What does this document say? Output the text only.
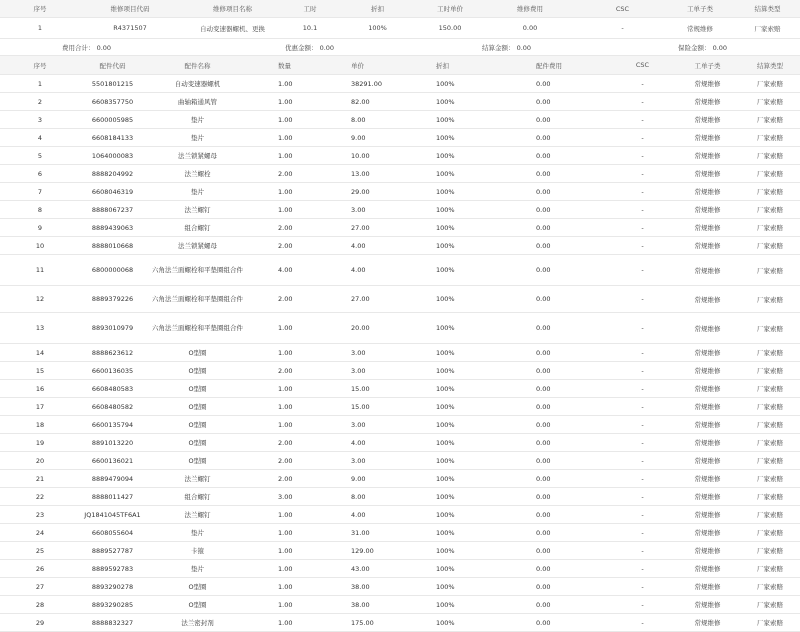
序号	维修项目代码	维修项目名称	工时	折扣	工时单价	维修费用	CSC	工单子类	结算类型
1	R4371507	自动变速器螺机、更换	10.1	100%	150.00	0.00	-	常规维修	厂家索赔
费用合计： 0.00	优惠金额： 0.00	结算金额： 0.00	保险金额： 0.00
序号	配件代码	配件名称	数量	单价	折扣	配件费用	CSC	工单子类	结算类型
1	5501801215	自动变速器螺机	1.00	38291.00	100%	0.00	-	常规维修	厂家索赔
2	6608357750	曲轴箱通风管	1.00	82.00	100%	0.00	-	常规维修	厂家索赔
3	6600005985	垫片	1.00	8.00	100%	0.00	-	常规维修	厂家索赔
4	6608184133	垫片	1.00	9.00	100%	0.00	-	常规维修	厂家索赔
5	1064000083	法兰锁紧螺母	1.00	10.00	100%	0.00	-	常规维修	厂家索赔
6	8888204992	法兰螺栓	2.00	13.00	100%	0.00	-	常规维修	厂家索赔
7	6608046319	垫片	1.00	29.00	100%	0.00	-	常规维修	厂家索赔
8	8888067237	法兰螺钉	1.00	3.00	100%	0.00	-	常规维修	厂家索赔
9	8889439063	组合螺钉	2.00	27.00	100%	0.00	-	常规维修	厂家索赔
10	8888010668	法兰锁紧螺母	2.00	4.00	100%	0.00	-	常规维修	厂家索赔
11	6800000068	六角法兰面螺栓和平垫圈组合件	4.00	4.00	100%	0.00	-	常规维修	厂家索赔
12	8889379226	六角法兰面螺栓和平垫圈组合件	2.00	27.00	100%	0.00	-	常规维修	厂家索赔
13	8893010979	六角法兰面螺栓和平垫圈组合件	1.00	20.00	100%	0.00	-	常规维修	厂家索赔
14	8888623612	O型圈	1.00	3.00	100%	0.00	-	常规维修	厂家索赔
15	6600136035	O型圈	2.00	3.00	100%	0.00	-	常规维修	厂家索赔
16	6608480583	O型圈	1.00	15.00	100%	0.00	-	常规维修	厂家索赔
17	6608480582	O型圈	1.00	15.00	100%	0.00	-	常规维修	厂家索赔
18	6600135794	O型圈	1.00	3.00	100%	0.00	-	常规维修	厂家索赔
19	8891013220	O型圈	2.00	4.00	100%	0.00	-	常规维修	厂家索赔
20	6600136021	O型圈	2.00	3.00	100%	0.00	-	常规维修	厂家索赔
21	8889479094	法兰螺钉	2.00	9.00	100%	0.00	-	常规维修	厂家索赔
22	8888011427	组合螺钉	3.00	8.00	100%	0.00	-	常规维修	厂家索赔
23	JQ1841045TF6A1	法兰螺钉	1.00	4.00	100%	0.00	-	常规维修	厂家索赔
24	6608055604	垫片	1.00	31.00	100%	0.00	-	常规维修	厂家索赔
25	8889527787	卡箍	1.00	129.00	100%	0.00	-	常规维修	厂家索赔
26	8889592783	垫片	1.00	43.00	100%	0.00	-	常规维修	厂家索赔
27	8893290278	O型圈	1.00	38.00	100%	0.00	-	常规维修	厂家索赔
28	8893290285	O型圈	1.00	38.00	100%	0.00	-	常规维修	厂家索赔
29	8888832327	法兰密封剂	1.00	175.00	100%	0.00	-	常规维修	厂家索赔
